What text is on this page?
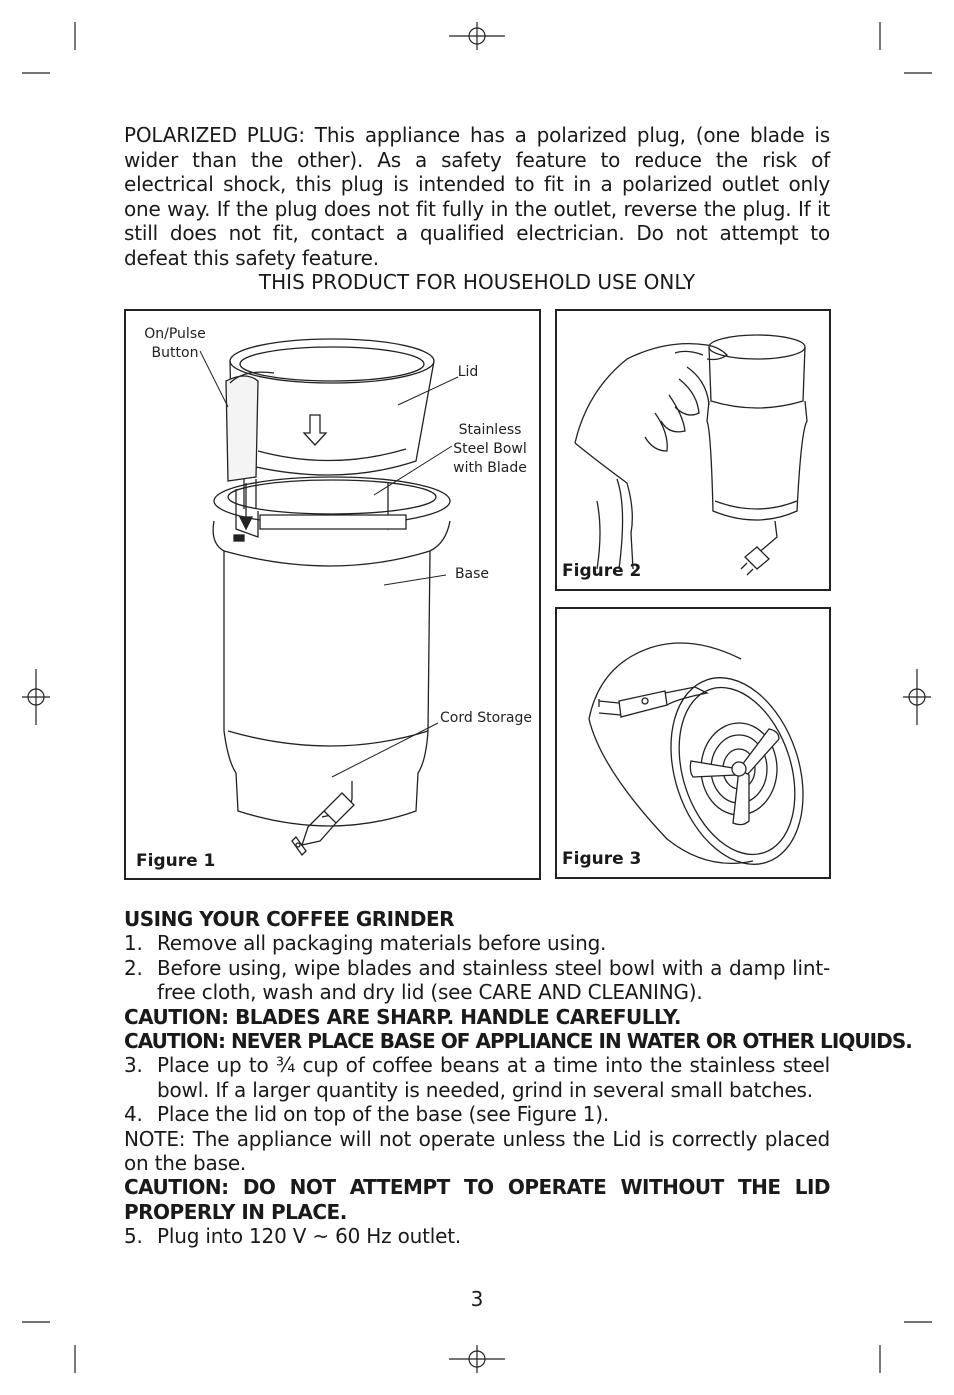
POLARIZED PLUG: This appliance has a polarized plug, (one blade is wider than the other). As a safety feature to reduce the risk of electrical shock, this plug is intended to fit in a polarized outlet only one way. If the plug does not fit fully in the outlet, reverse the plug. If it still does not fit, contact a qualified electrician. Do not attempt to defeat this safety feature.
THIS PRODUCT FOR HOUSEHOLD USE ONLY
On/Pulse
Button
Lid
Stainless
Steel Bowl
with Blade
Base
Cord Storage
Figure 1
Figure 2
Figure 3
USING YOUR COFFEE GRINDER
1. Remove all packaging materials before using.
2. Before using, wipe blades and stainless steel bowl with a damp lint-free cloth, wash and dry lid (see CARE AND CLEANING).
CAUTION: BLADES ARE SHARP. HANDLE CAREFULLY.
CAUTION: NEVER PLACE BASE OF APPLIANCE IN WATER OR OTHER LIQUIDS.
3. Place up to ¾ cup of coffee beans at a time into the stainless steel bowl. If a larger quantity is needed, grind in several small batches.
4. Place the lid on top of the base (see Figure 1).
NOTE: The appliance will not operate unless the Lid is correctly placed on the base.
CAUTION: DO NOT ATTEMPT TO OPERATE WITHOUT THE LID PROPERLY IN PLACE.
5. Plug into 120 V ~ 60 Hz outlet.
3
